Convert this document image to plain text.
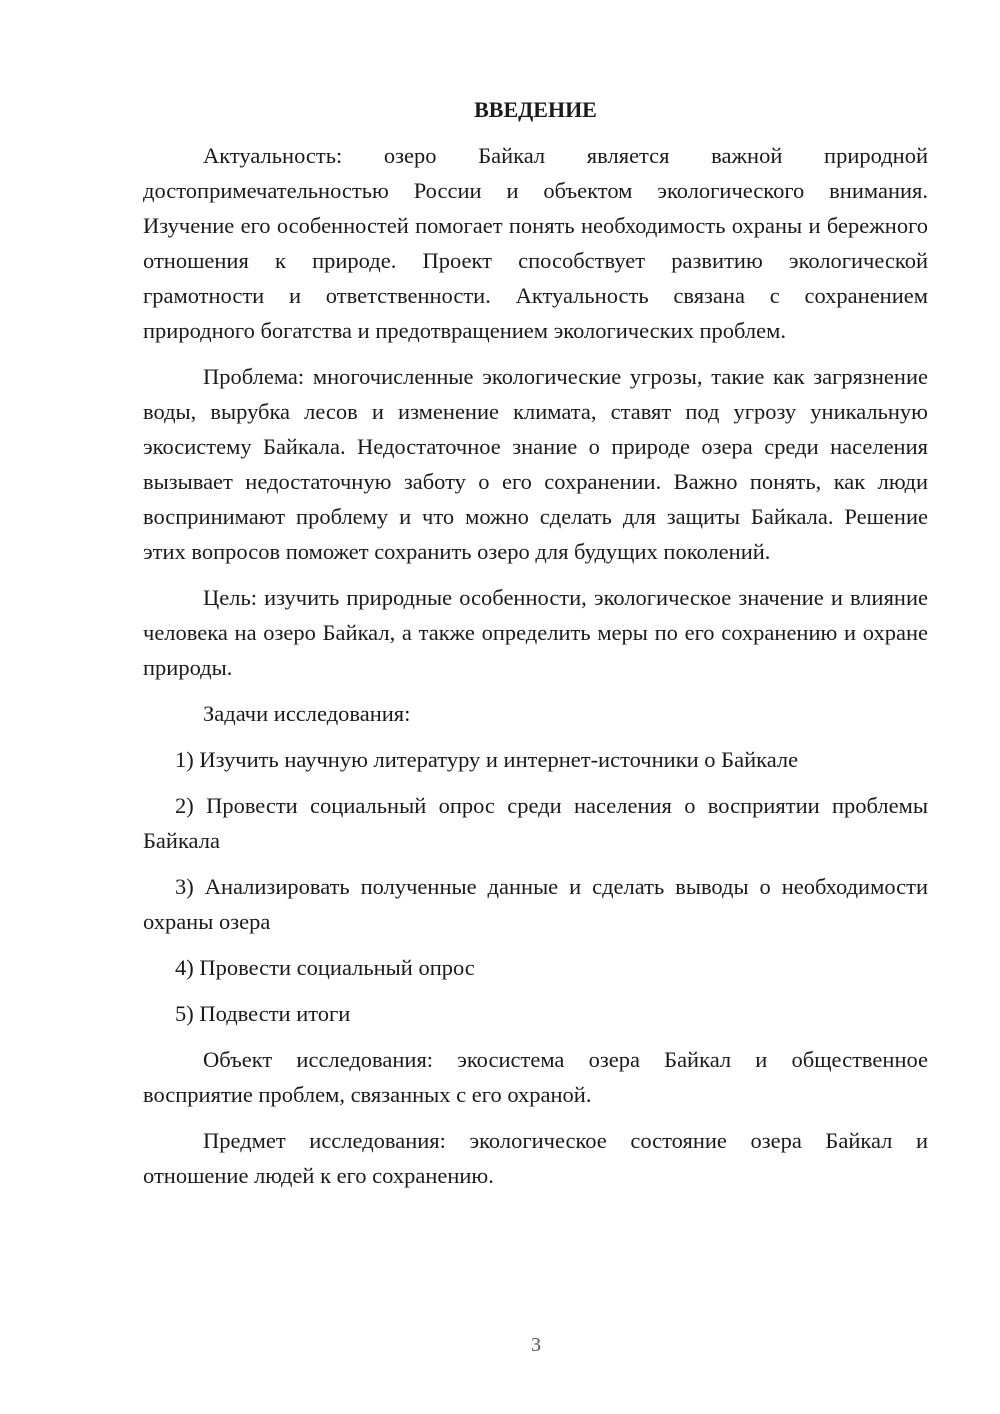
ВВЕДЕНИЕ

Актуальность: озеро Байкал является важной природной достопримечательностью России и объектом экологического внимания. Изучение его особенностей помогает понять необходимость охраны и бережного отношения к природе. Проект способствует развитию экологической грамотности и ответственности. Актуальность связана с сохранением природного богатства и предотвращением экологических проблем.

Проблема: многочисленные экологические угрозы, такие как загрязнение воды, вырубка лесов и изменение климата, ставят под угрозу уникальную экосистему Байкала. Недостаточное знание о природе озера среди населения вызывает недостаточную заботу о его сохранении. Важно понять, как люди воспринимают проблему и что можно сделать для защиты Байкала. Решение этих вопросов поможет сохранить озеро для будущих поколений.

Цель: изучить природные особенности, экологическое значение и влияние человека на озеро Байкал, а также определить меры по его сохранению и охране природы.

Задачи исследования:

1) Изучить научную литературу и интернет-источники о Байкале

2) Провести социальный опрос среди населения о восприятии проблемы Байкала

3) Анализировать полученные данные и сделать выводы о необходимости охраны озера

4) Провести социальный опрос

5) Подвести итоги

Объект исследования: экосистема озера Байкал и общественное восприятие проблем, связанных с его охраной.

Предмет исследования: экологическое состояние озера Байкал и отношение людей к его сохранению.

3
